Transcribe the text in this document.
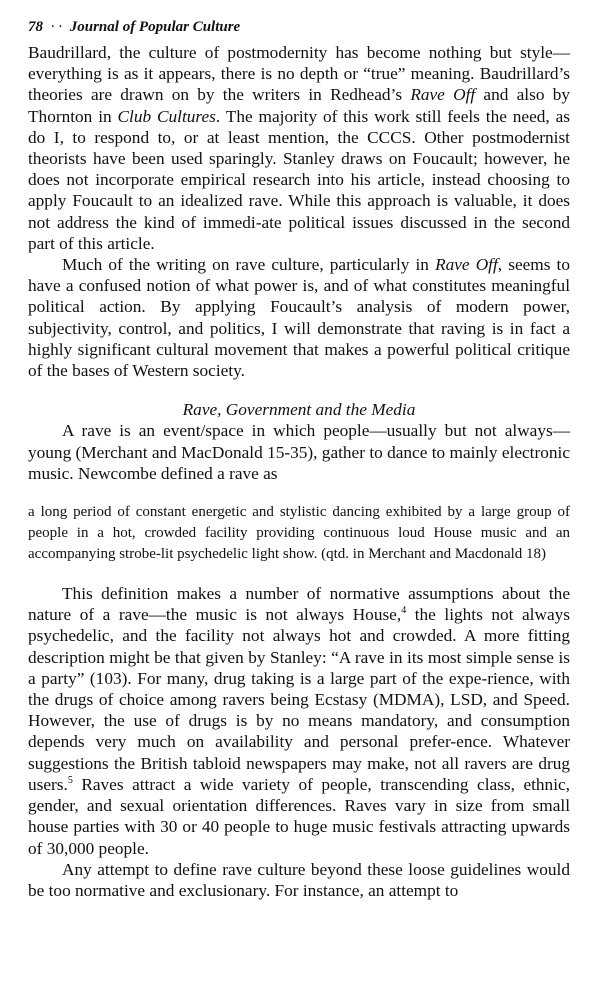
78 · · Journal of Popular Culture

Baudrillard, the culture of postmodernity has become nothing but style—everything is as it appears, there is no depth or “true” meaning. Baudrillard’s theories are drawn on by the writers in Redhead’s Rave Off and also by Thornton in Club Cultures. The majority of this work still feels the need, as do I, to respond to, or at least mention, the CCCS. Other postmodernist theorists have been used sparingly. Stanley draws on Foucault; however, he does not incorporate empirical research into his article, instead choosing to apply Foucault to an idealized rave. While this approach is valuable, it does not address the kind of immedi-ate political issues discussed in the second part of this article.

Much of the writing on rave culture, particularly in Rave Off, seems to have a confused notion of what power is, and of what constitutes meaningful political action. By applying Foucault’s analysis of modern power, subjectivity, control, and politics, I will demonstrate that raving is in fact a highly significant cultural movement that makes a powerful political critique of the bases of Western society.

Rave, Government and the Media

A rave is an event/space in which people—usually but not always—young (Merchant and MacDonald 15-35), gather to dance to mainly electronic music. Newcombe defined a rave as

a long period of constant energetic and stylistic dancing exhibited by a large group of people in a hot, crowded facility providing continuous loud House music and an accompanying strobe-lit psychedelic light show. (qtd. in Merchant and Macdonald 18)

This definition makes a number of normative assumptions about the nature of a rave—the music is not always House,$^4$ the lights not always psychedelic, and the facility not always hot and crowded. A more fitting description might be that given by Stanley: “A rave in its most simple sense is a party” (103). For many, drug taking is a large part of the expe-rience, with the drugs of choice among ravers being Ecstasy (MDMA), LSD, and Speed. However, the use of drugs is by no means mandatory, and consumption depends very much on availability and personal prefer-ence. Whatever suggestions the British tabloid newspapers may make, not all ravers are drug users.$^5$ Raves attract a wide variety of people, transcending class, ethnic, gender, and sexual orientation differences. Raves vary in size from small house parties with 30 or 40 people to huge music festivals attracting upwards of 30,000 people.

Any attempt to define rave culture beyond these loose guidelines would be too normative and exclusionary. For instance, an attempt to
